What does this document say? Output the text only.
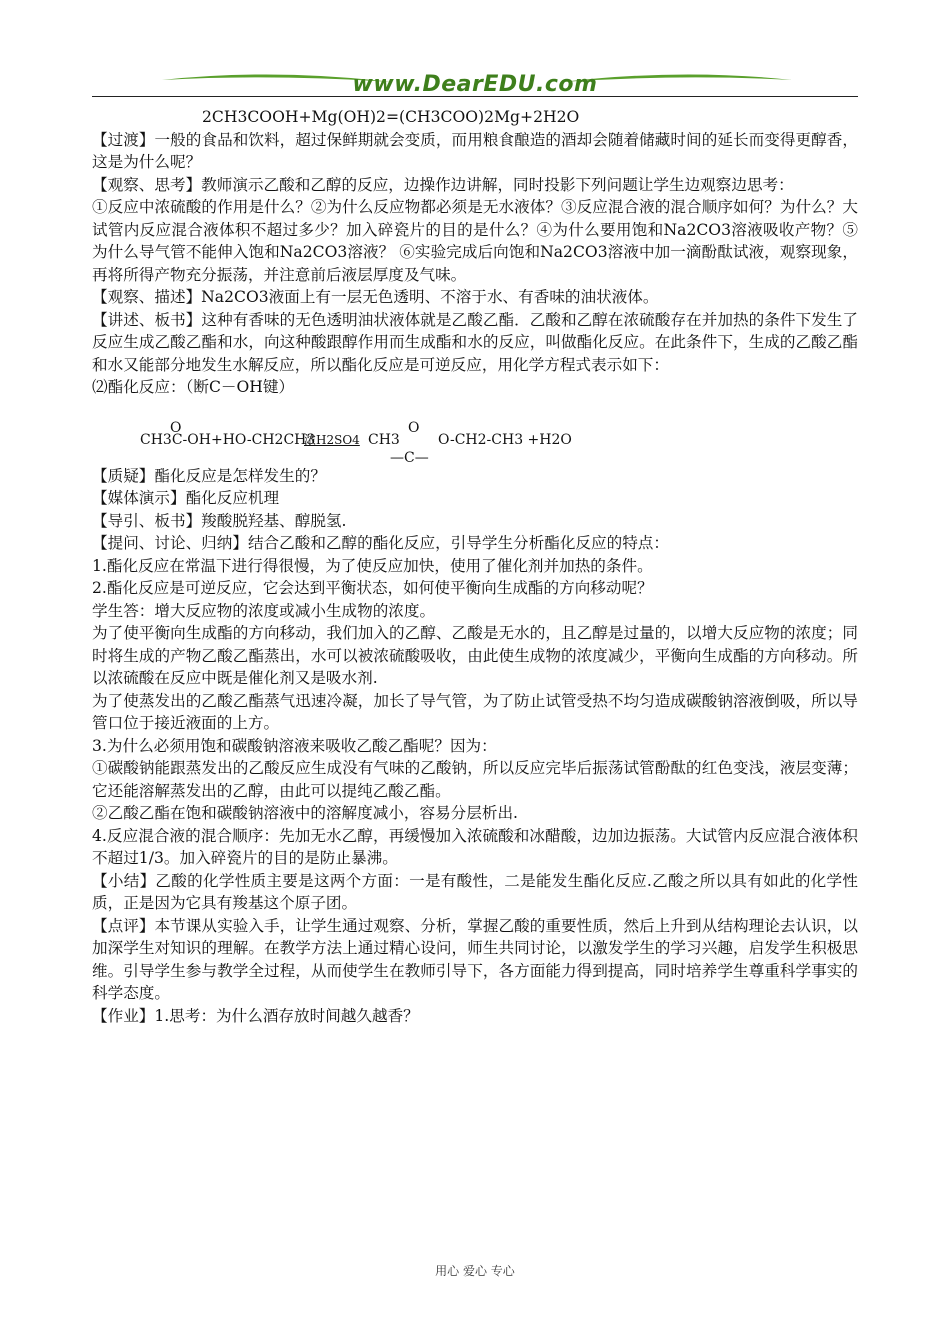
www.DearEDU.com

2CH3COOH+Mg(OH)2=(CH3COO)2Mg+2H2O

【过渡】一般的食品和饮料，超过保鲜期就会变质，而用粮食酿造的酒却会随着储藏时间的延长而变得更醇香，这是为什么呢？

【观察、思考】教师演示乙酸和乙醇的反应，边操作边讲解，同时投影下列问题让学生边观察边思考：

①反应中浓硫酸的作用是什么？②为什么反应物都必须是无水液体？③反应混合液的混合顺序如何？为什么？大试管内反应混合液体积不超过多少？加入碎瓷片的目的是什么？④为什么要用饱和Na2CO3溶液吸收产物？⑤为什么导气管不能伸入饱和Na2CO3溶液？ ⑥实验完成后向饱和Na2CO3溶液中加一滴酚酞试液，观察现象，再将所得产物充分振荡，并注意前后液层厚度及气味。

【观察、描述】Na2CO3液面上有一层无色透明、不溶于水、有香味的油状液体。

【讲述、板书】这种有香味的无色透明油状液体就是乙酸乙酯．乙酸和乙醇在浓硫酸存在并加热的条件下发生了反应生成乙酸乙酯和水，向这种酸跟醇作用而生成酯和水的反应，叫做酯化反应。在此条件下，生成的乙酸乙酯和水又能部分地发生水解反应，所以酯化反应是可逆反应，用化学方程式表示如下：

⑵酯化反应：（断C－OH键）

O
CH3C-OH+HO-CH2CH3
浓H2SO4 CH3
O
O-CH2-CH3 +H2O
—C—

【质疑】酯化反应是怎样发生的？

【媒体演示】酯化反应机理

【导引、板书】羧酸脱羟基、醇脱氢.

【提问、讨论、归纳】结合乙酸和乙醇的酯化反应，引导学生分析酯化反应的特点：

1.酯化反应在常温下进行得很慢，为了使反应加快，使用了催化剂并加热的条件。

2.酯化反应是可逆反应，它会达到平衡状态，如何使平衡向生成酯的方向移动呢？

学生答：增大反应物的浓度或减小生成物的浓度。

为了使平衡向生成酯的方向移动，我们加入的乙醇、乙酸是无水的，且乙醇是过量的，以增大反应物的浓度；同时将生成的产物乙酸乙酯蒸出，水可以被浓硫酸吸收，由此使生成物的浓度减少，平衡向生成酯的方向移动。所以浓硫酸在反应中既是催化剂又是吸水剂.

为了使蒸发出的乙酸乙酯蒸气迅速冷凝，加长了导气管，为了防止试管受热不均匀造成碳酸钠溶液倒吸，所以导管口位于接近液面的上方。

3.为什么必须用饱和碳酸钠溶液来吸收乙酸乙酯呢？因为：

①碳酸钠能跟蒸发出的乙酸反应生成没有气味的乙酸钠，所以反应完毕后振荡试管酚酞的红色变浅，液层变薄；它还能溶解蒸发出的乙醇，由此可以提纯乙酸乙酯。

②乙酸乙酯在饱和碳酸钠溶液中的溶解度减小，容易分层析出.

4.反应混合液的混合顺序：先加无水乙醇，再缓慢加入浓硫酸和冰醋酸，边加边振荡。大试管内反应混合液体积不超过1/3。加入碎瓷片的目的是防止暴沸。

【小结】乙酸的化学性质主要是这两个方面：一是有酸性，二是能发生酯化反应.乙酸之所以具有如此的化学性质，正是因为它具有羧基这个原子团。

【点评】本节课从实验入手，让学生通过观察、分析，掌握乙酸的重要性质，然后上升到从结构理论去认识，以加深学生对知识的理解。在教学方法上通过精心设问，师生共同讨论，以激发学生的学习兴趣，启发学生积极思维。引导学生参与教学全过程，从而使学生在教师引导下，各方面能力得到提高，同时培养学生尊重科学事实的科学态度。

【作业】1.思考：为什么酒存放时间越久越香？

用心 爱心 专心
